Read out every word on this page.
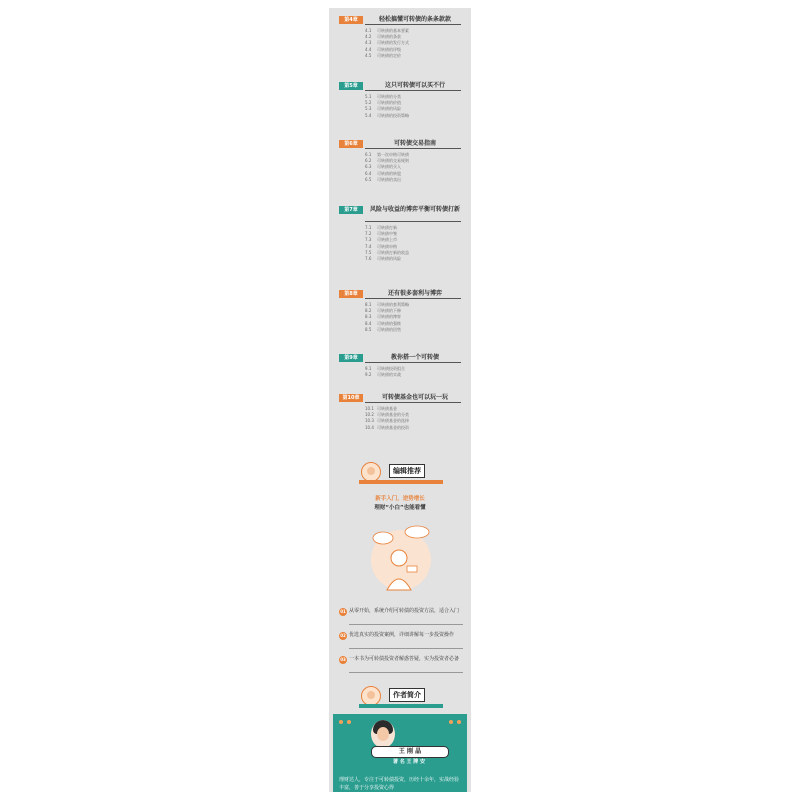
第4章	轻松搞懂可转债的条条款款
4.1 可转债的基本要素
4.2 可转债的条款
4.3 可转债的发行方式
4.4 可转债的评级
4.5 可转债的定价
第5章	这只可转债可以买不行
5.1 可转债的分类
5.2 可转债的价值
5.3 可转债的风险
5.4 可转债的投资策略
第6章	可转债交易指南
6.1 第一次申购可转债
6.2 可转债的交易规则
6.3 可转债的买入
6.4 可转债的转股
6.5 可转债的卖出
第7章	风险与收益的博弈平衡可转债打新
7.1 可转债打新
7.2 可转债中签
7.3 可转债上市
7.4 可转债申购
7.5 可转债打新的收益
7.6 可转债的风险
第8章	还有很多套利与博弈
8.1 可转债的套利策略
8.2 可转债的下修
8.3 可转债的博弈
8.4 可转债的强赎
8.5 可转债的回售
第9章	教你搭一个可转债
9.1 可转债投资组合
9.2 可转债的实战
第10章	可转债基金也可以玩一玩
10.1 可转债基金
10.2 可转债基金的分类
10.3 可转债基金的选择
10.4 可转债基金的投资
编辑推荐
新手入门，逆势增长
理财“小白”也能看懂
01 从零开始，系统介绍可转债的投资方法，适合入门
02 优选真实的投资案例，详细讲解每一步投资操作
03 一本书为可转债投资者解惑答疑，实为投资者必备
作者简介
王 刚 晶
著 名 王 牌 安
理财达人，专注于可转债投资，历经十余年，实战经验丰富，善于分享投资心得
